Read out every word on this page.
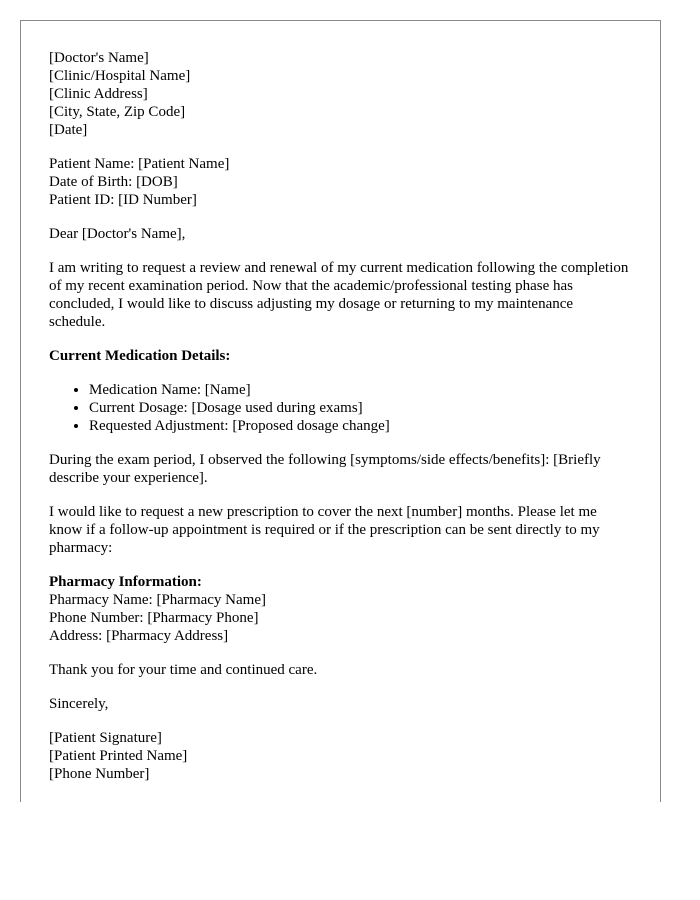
[Doctor's Name]
[Clinic/Hospital Name]
[Clinic Address]
[City, State, Zip Code]
[Date]
Patient Name: [Patient Name]
Date of Birth: [DOB]
Patient ID: [ID Number]
Dear [Doctor's Name],
I am writing to request a review and renewal of my current medication following the completion of my recent examination period. Now that the academic/professional testing phase has concluded, I would like to discuss adjusting my dosage or returning to my maintenance schedule.
Current Medication Details:
• Medication Name: [Name]
• Current Dosage: [Dosage used during exams]
• Requested Adjustment: [Proposed dosage change]
During the exam period, I observed the following [symptoms/side effects/benefits]: [Briefly describe your experience].
I would like to request a new prescription to cover the next [number] months. Please let me know if a follow-up appointment is required or if the prescription can be sent directly to my pharmacy:
Pharmacy Information:
Pharmacy Name: [Pharmacy Name]
Phone Number: [Pharmacy Phone]
Address: [Pharmacy Address]
Thank you for your time and continued care.
Sincerely,
[Patient Signature]
[Patient Printed Name]
[Phone Number]
